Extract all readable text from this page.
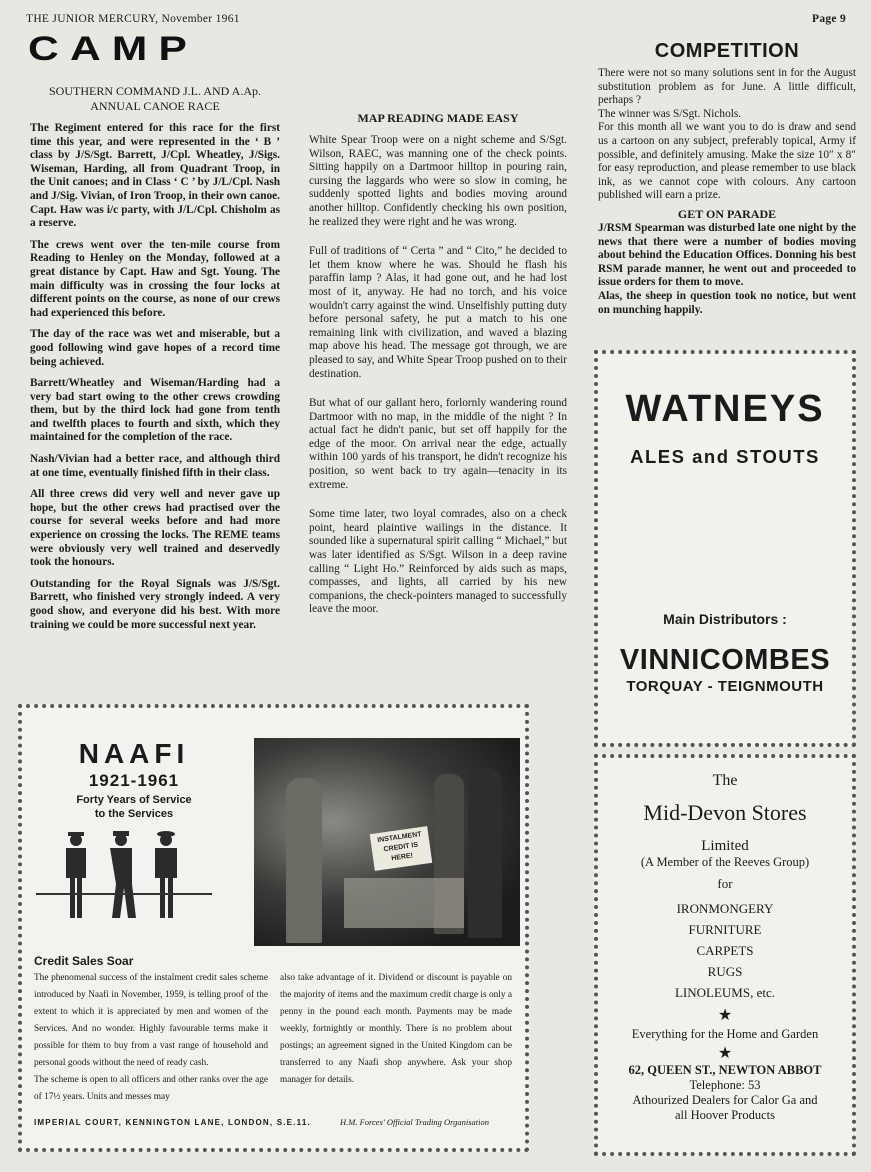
THE JUNIOR MERCURY, November 1961	Page 9
CAMP
SOUTHERN COMMAND J.L. AND A.Ap.
ANNUAL CANOE RACE

The Regiment entered for this race for the first time this year, and were represented in the ‘ B ’ class by J/S/Sgt. Barrett, J/Cpl. Wheatley, J/Sigs. Wiseman, Harding, all from Quadrant Troop, in the Unit canoes; and in Class ‘ C ’ by J/L/Cpl. Nash and J/Sig. Vivian, of Iron Troop, in their own canoe. Capt. Haw was i/c party, with J/L/Cpl. Chisholm as a reserve.

The crews went over the ten-mile course from Reading to Henley on the Monday, followed at a great distance by Capt. Haw and Sgt. Young. The main difficulty was in crossing the four locks at different points on the course, as none of our crews had experienced this before.

The day of the race was wet and miserable, but a good following wind gave hopes of a record time being achieved.

Barrett/Wheatley and Wiseman/Harding had a very bad start owing to the other crews crowding them, but by the third lock had gone from tenth and twelfth places to fourth and sixth, which they maintained for the completion of the race.

Nash/Vivian had a better race, and although third at one time, eventually finished fifth in their class.

All three crews did very well and never gave up hope, but the other crews had practised over the course for several weeks before and had more experience on crossing the locks. The REME teams were obviously very well trained and deservedly took the honours.

Outstanding for the Royal Signals was J/S/Sgt. Barrett, who finished very strongly indeed. A very good show, and everyone did his best. With more training we could be more successful next year.

MAP READING MADE EASY

White Spear Troop were on a night scheme and S/Sgt. Wilson, RAEC, was manning one of the check points. Sitting happily on a Dartmoor hilltop in pouring rain, cursing the laggards who were so slow in coming, he suddenly spotted lights and bodies moving around another hilltop. Confidently checking his own position, he realized they were right and he was wrong.

Full of traditions of “ Certa ” and “ Cito,” he decided to let them know where he was. Should he flash his paraffin lamp ? Alas, it had gone out, and he had lost most of it, anyway. He had no torch, and his voice wouldn't carry against the wind. Unselfishly putting duty before personal safety, he put a match to his one remaining link with civilization, and waved a blazing map above his head. The message got through, we are pleased to say, and White Spear Troop pushed on to their destination.

But what of our gallant hero, forlornly wandering round Dartmoor with no map, in the middle of the night ? In actual fact he didn't panic, but set off happily for the edge of the moor. On arrival near the edge, actually within 100 yards of his transport, he didn't recognize his position, so went back to try again—tenacity in its extreme.

Some time later, two loyal comrades, also on a check point, heard plaintive wailings in the distance. It sounded like a supernatural spirit calling “ Michael,” but was later identified as S/Sgt. Wilson in a deep ravine calling “ Light Ho.” Reinforced by aids such as maps, compasses, and lights, all carried by his new companions, the check-pointers managed to successfully leave the moor.

COMPETITION

There were not so many solutions sent in for the August substitution problem as for June. A little difficult, perhaps ?

The winner was S/Sgt. Nichols.

For this month all we want you to do is draw and send us a cartoon on any subject, preferably topical, Army if possible, and definitely amusing. Make the size 10″ x 8″ for easy reproduction, and please remember to use black ink, as we cannot cope with colours. Any cartoon published will earn a prize.

GET ON PARADE

J/RSM Spearman was disturbed late one night by the news that there were a number of bodies moving about behind the Education Offices. Donning his best RSM parade manner, he went out and proceeded to issue orders for them to move.

Alas, the sheep in question took no notice, but went on munching happily.

WATNEYS
ALES and STOUTS
Main Distributors :
VINNICOMBES
TORQUAY - TEIGNMOUTH

The

Mid-Devon Stores

Limited

(A Member of the Reeves Group)

for

IRONMONGERY

FURNITURE

CARPETS

RUGS

LINOLEUMS, etc.

★

Everything for the Home and Garden

★

62, QUEEN ST., NEWTON ABBOT

Telephone: 53

Athourized Dealers for Calor Ga and

all Hoover Products

NAAFI
1921-1961
Forty Years of Service
to the Services
INSTALMENT CREDIT IS HERE!
Credit Sales Soar

The phenomenal success of the instalment credit sales scheme introduced by Naafi in November, 1959, is telling proof of the extent to which it is appreciated by men and women of the Services. And no wonder. Highly favourable terms make it possible for them to buy from a vast range of household and personal goods without the need of ready cash.

The scheme is open to all officers and other ranks over the age of 17½ years. Units and messes may

also take advantage of it. Dividend or discount is payable on the majority of items and the maximum credit charge is only a penny in the pound each month. Payments may be made weekly, fortnightly or monthly. There is no problem about postings; an agreement signed in the United Kingdom can be transferred to any Naafi shop anywhere. Ask your shop manager for details.

IMPERIAL COURT, KENNINGTON LANE, LONDON, S.E.11.	H.M. Forces' Official Trading Organisation
